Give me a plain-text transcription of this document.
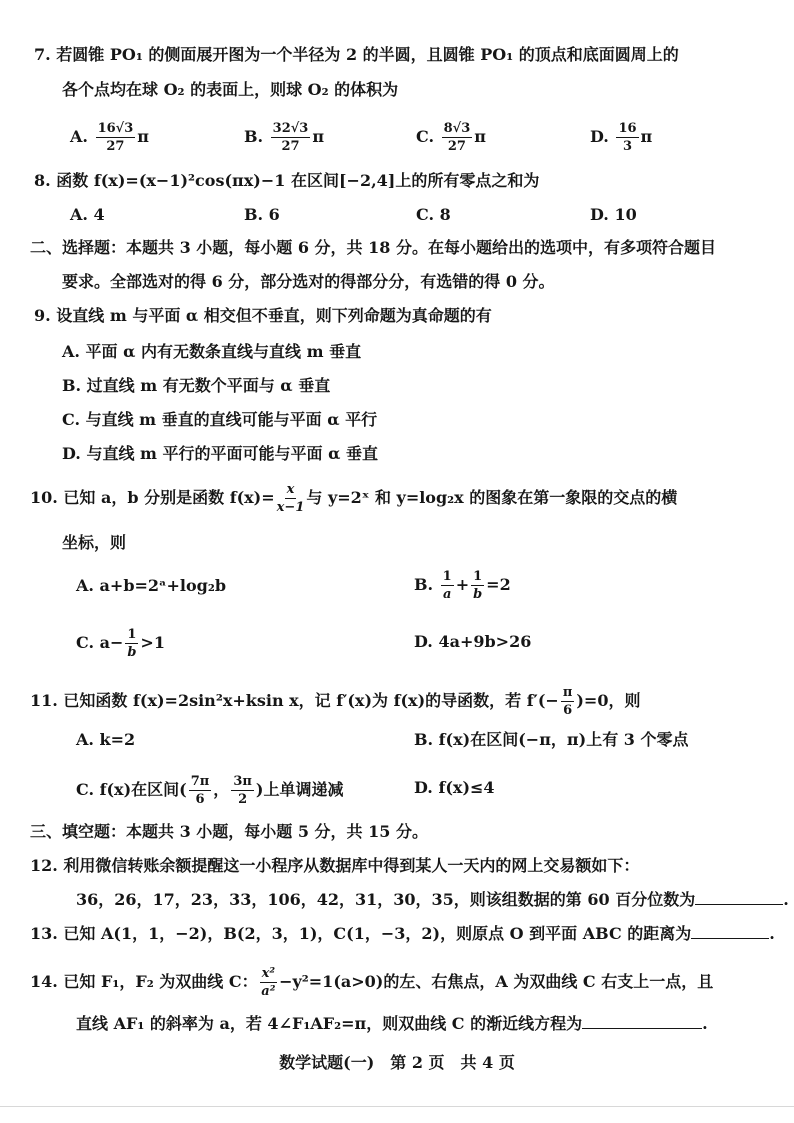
7. 若圆锥 PO₁ 的侧面展开图为一个半径为 2 的半圆，且圆锥 PO₁ 的顶点和底面圆周上的
各个点均在球 O₂ 的表面上，则球 O₂ 的体积为
A. $\frac{16√3}{27}$ π	B. $\frac{32√3}{27}$ π	C. $\frac{8√3}{27}$ π	D. $\frac{16}{3}$ π
8. 函数 f(x)=(x−1)²cos(πx)−1 在区间[−2,4]上的所有零点之和为
A. 4	B. 6	C. 8	D. 10
二、选择题：本题共 3 小题，每小题 6 分，共 18 分。在每小题给出的选项中，有多项符合题目
要求。全部选对的得 6 分，部分选对的得部分分，有选错的得 0 分。
9. 设直线 m 与平面 α 相交但不垂直，则下列命题为真命题的有
A. 平面 α 内有无数条直线与直线 m 垂直
B. 过直线 m 有无数个平面与 α 垂直
C. 与直线 m 垂直的直线可能与平面 α 平行
D. 与直线 m 平行的平面可能与平面 α 垂直
10. 已知 a，b 分别是函数 $f(x)= \frac{x}{x-1}$ 与 y=2ˣ 和 y=log₂x 的图象在第一象限的交点的横
坐标，则
A. a+b=2ᵃ+log₂b	B. $\frac{1}{a} + \frac{1}{b} =2$
C. $a- \frac{1}{b} >1$	D. 4a+9b>26
11. 已知函数 f(x)=2sin²x+ksin x，记 f′(x)为 f(x)的导函数，若 $f'(- \frac{\pi}{6} )=0$，则
A. k=2	B. f(x)在区间(−π，π)上有 3 个零点
C. f(x)在区间( $\frac{7\pi}{6}$ ， $\frac{3\pi}{2}$ )上单调递减	D. f(x)≤4
三、填空题：本题共 3 小题，每小题 5 分，共 15 分。
12. 利用微信转账余额提醒这一小程序从数据库中得到某人一天内的网上交易额如下：
36，26，17，23，33，106，42，31，30，35，则该组数据的第 60 百分位数为	.
13. 已知 A(1，1，−2)，B(2，3，1)，C(1，−3，2)，则原点 O 到平面 ABC 的距离为	.
14. 已知 F₁，F₂ 为双曲线 C： $\frac{\text{x²}}{\text{a²}} -y^2=1(a>0)$的左、右焦点，A 为双曲线 C 右支上一点，且
直线 AF₁ 的斜率为 a，若 4∠F₁AF₂=π，则双曲线 C 的渐近线方程为	.
数学试题(一)　第 2 页　共 4 页
